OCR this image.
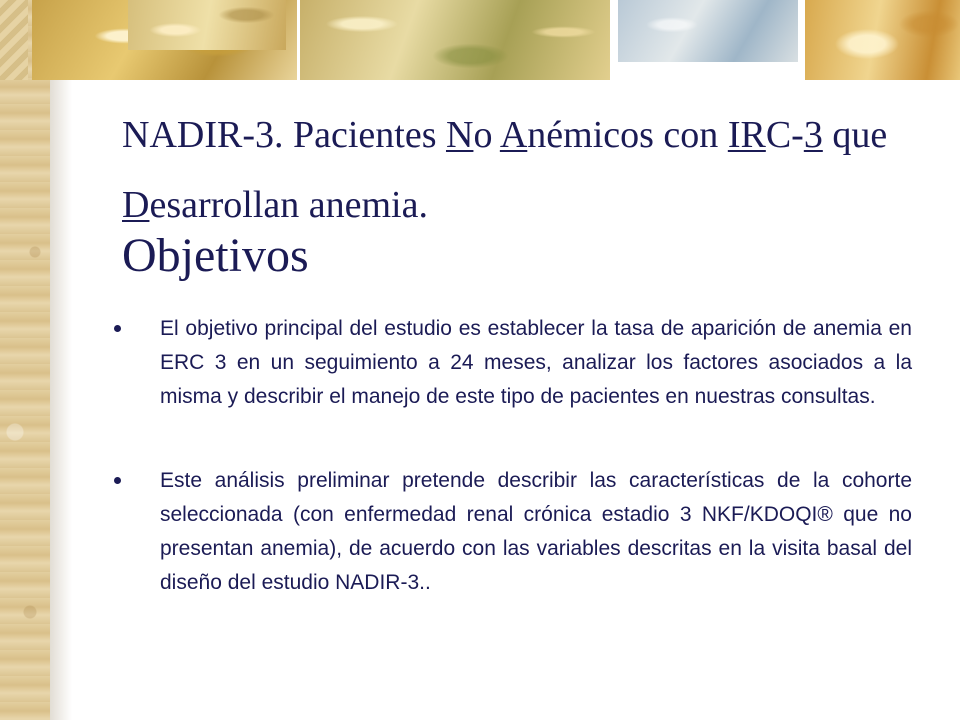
NADIR-3. Pacientes No Anémicos con IRC-3 que Desarrollan anemia.
Objetivos
El objetivo principal del estudio es establecer la tasa de aparición de anemia en ERC 3 en un seguimiento a 24 meses, analizar los factores asociados a la misma y describir el manejo de este tipo de pacientes en nuestras consultas.
Este análisis preliminar pretende describir las características de la cohorte seleccionada (con enfermedad renal crónica estadio 3 NKF/KDOQI® que no presentan anemia), de acuerdo con las variables descritas en la visita basal del diseño del estudio NADIR-3..
